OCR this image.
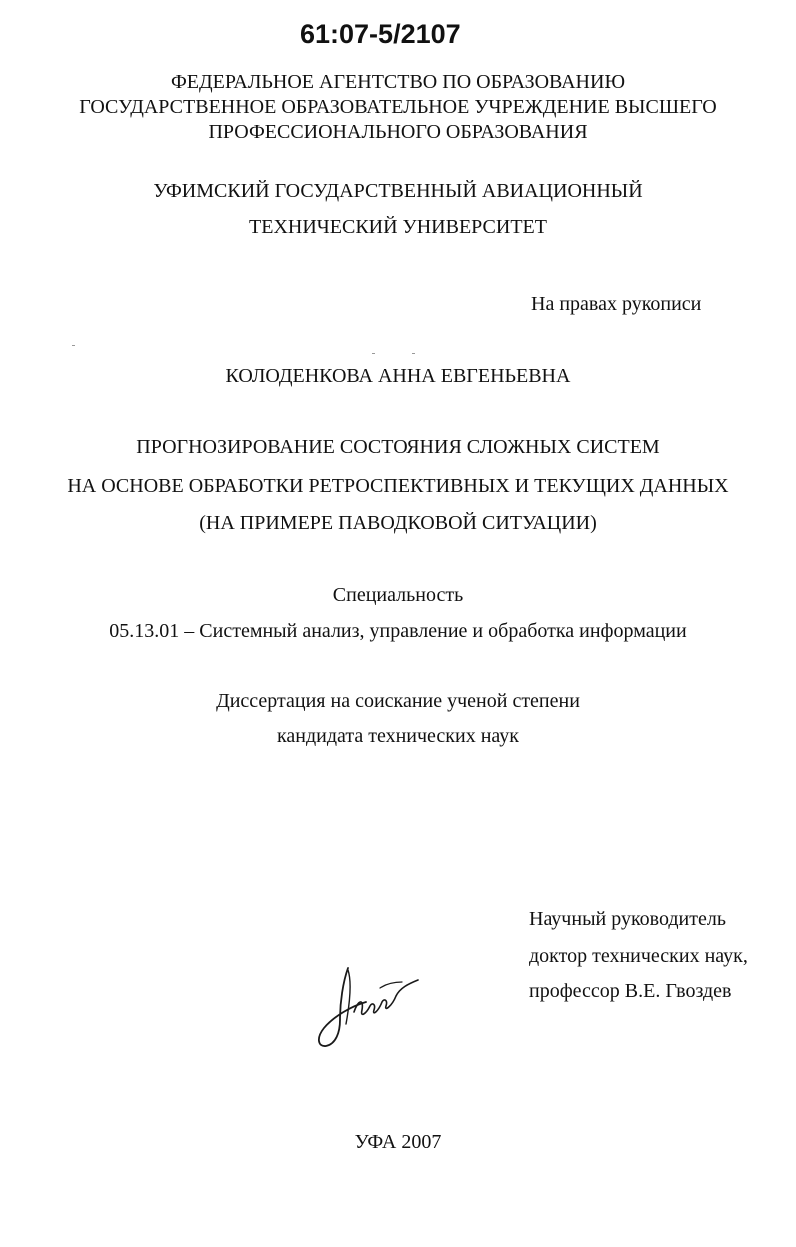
61:07-5/2107
ФЕДЕРАЛЬНОЕ АГЕНТСТВО ПО ОБРАЗОВАНИЮ
ГОСУДАРСТВЕННОЕ ОБРАЗОВАТЕЛЬНОЕ УЧРЕЖДЕНИЕ ВЫСШЕГО
ПРОФЕССИОНАЛЬНОГО ОБРАЗОВАНИЯ
УФИМСКИЙ ГОСУДАРСТВЕННЫЙ АВИАЦИОННЫЙ
ТЕХНИЧЕСКИЙ УНИВЕРСИТЕТ
На правах рукописи
КОЛОДЕНКОВА АННА ЕВГЕНЬЕВНА
ПРОГНОЗИРОВАНИЕ СОСТОЯНИЯ СЛОЖНЫХ СИСТЕМ
НА ОСНОВЕ ОБРАБОТКИ РЕТРОСПЕКТИВНЫХ И ТЕКУЩИХ ДАННЫХ
(НА ПРИМЕРЕ ПАВОДКОВОЙ СИТУАЦИИ)
Специальность
05.13.01 – Системный анализ, управление и обработка информации
Диссертация на соискание ученой степени
кандидата технических наук
Научный руководитель
доктор технических наук,
профессор В.Е. Гвоздев
УФА 2007
